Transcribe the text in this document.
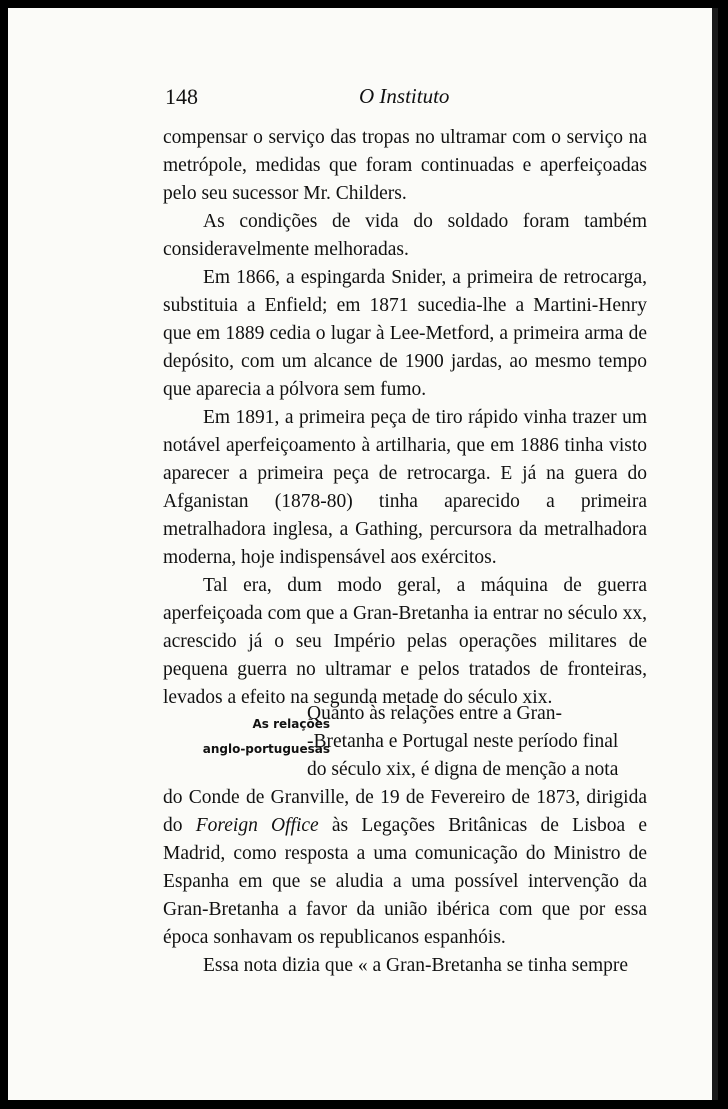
148	O Instituto

compensar o serviço das tropas no ultramar com o serviço na metrópole, medidas que foram continuadas e aperfeiçoadas pelo seu sucessor Mr. Childers.

As condições de vida do soldado foram também consideravelmente melhoradas.

Em 1866, a espingarda Snider, a primeira de retrocarga, substituia a Enfield; em 1871 sucedia-lhe a Martini-Henry que em 1889 cedia o lugar à Lee-Metford, a primeira arma de depósito, com um alcance de 1900 jardas, ao mesmo tempo que aparecia a pólvora sem fumo.

Em 1891, a primeira peça de tiro rápido vinha trazer um notável aperfeiçoamento à artilharia, que em 1886 tinha visto aparecer a primeira peça de retrocarga. E já na guera do Afganistan (1878-80) tinha aparecido a primeira metralhadora inglesa, a Gathing, percursora da metralhadora moderna, hoje indispensável aos exércitos.

Tal era, dum modo geral, a máquina de guerra aperfeiçoada com que a Gran-Bretanha ia entrar no século xx, acrescido já o seu Império pelas operações militares de pequena guerra no ultramar e pelos tratados de fronteiras, levados a efeito na segunda metade do século xix.

As relações
anglo-portuguesas
Quanto às relações entre a Gran-
-Bretanha e Portugal neste período final
do século xix, é digna de menção a nota

do Conde de Granville, de 19 de Fevereiro de 1873, dirigida do Foreign Office às Legações Britânicas de Lisboa e Madrid, como resposta a uma comunicação do Ministro de Espanha em que se aludia a uma possível intervenção da Gran-Bretanha a favor da união ibérica com que por essa época sonhavam os republicanos espanhóis.

Essa nota dizia que « a Gran-Bretanha se tinha sempre
